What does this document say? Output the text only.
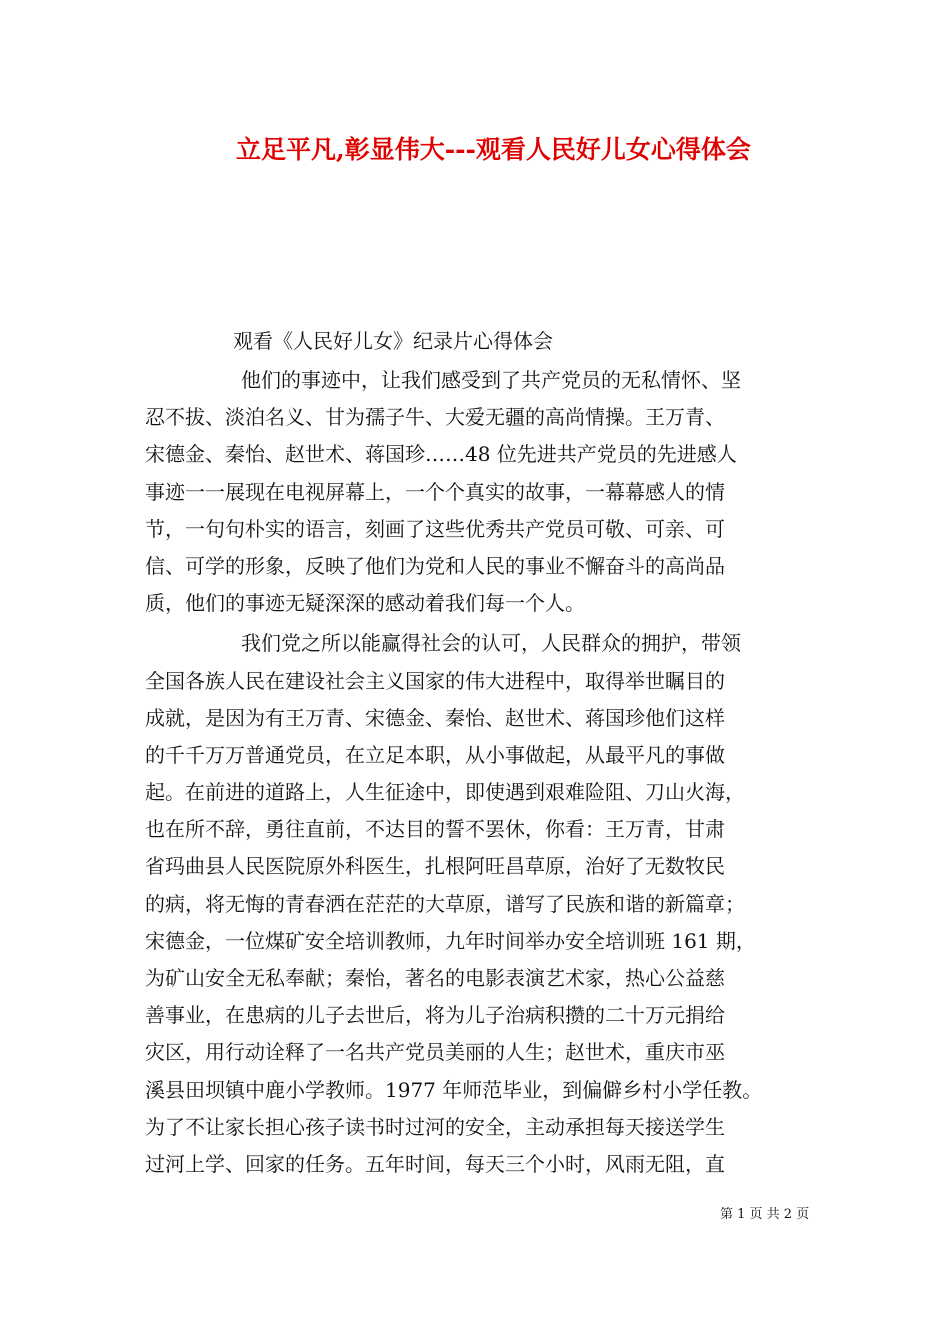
立足平凡,彰显伟大---观看人民好儿女心得体会
观看《人民好儿女》纪录片心得体会
他们的事迹中，让我们感受到了共产党员的无私情怀、坚
忍不拔、淡泊名义、甘为孺子牛、大爱无疆的高尚情操。王万青、
宋德金、秦怡、赵世术、蒋国珍……48 位先进共产党员的先进感人
事迹一一展现在电视屏幕上，一个个真实的故事，一幕幕感人的情
节，一句句朴实的语言，刻画了这些优秀共产党员可敬、可亲、可
信、可学的形象，反映了他们为党和人民的事业不懈奋斗的高尚品
质，他们的事迹无疑深深的感动着我们每一个人。
我们党之所以能赢得社会的认可，人民群众的拥护，带领
全国各族人民在建设社会主义国家的伟大进程中，取得举世瞩目的
成就，是因为有王万青、宋德金、秦怡、赵世术、蒋国珍他们这样
的千千万万普通党员，在立足本职，从小事做起，从最平凡的事做
起。在前进的道路上，人生征途中，即使遇到艰难险阻、刀山火海，
也在所不辞，勇往直前，不达目的誓不罢休，你看：王万青，甘肃
省玛曲县人民医院原外科医生，扎根阿旺昌草原，治好了无数牧民
的病，将无悔的青春洒在茫茫的大草原，谱写了民族和谐的新篇章；
宋德金，一位煤矿安全培训教师，九年时间举办安全培训班 161 期，
为矿山安全无私奉献；秦怡，著名的电影表演艺术家，热心公益慈
善事业，在患病的儿子去世后，将为儿子治病积攒的二十万元捐给
灾区，用行动诠释了一名共产党员美丽的人生；赵世术，重庆市巫
溪县田坝镇中鹿小学教师。1977 年师范毕业，到偏僻乡村小学任教。
为了不让家长担心孩子读书时过河的安全，主动承担每天接送学生
过河上学、回家的任务。五年时间，每天三个小时，风雨无阻，直
第 1 页 共 2 页
